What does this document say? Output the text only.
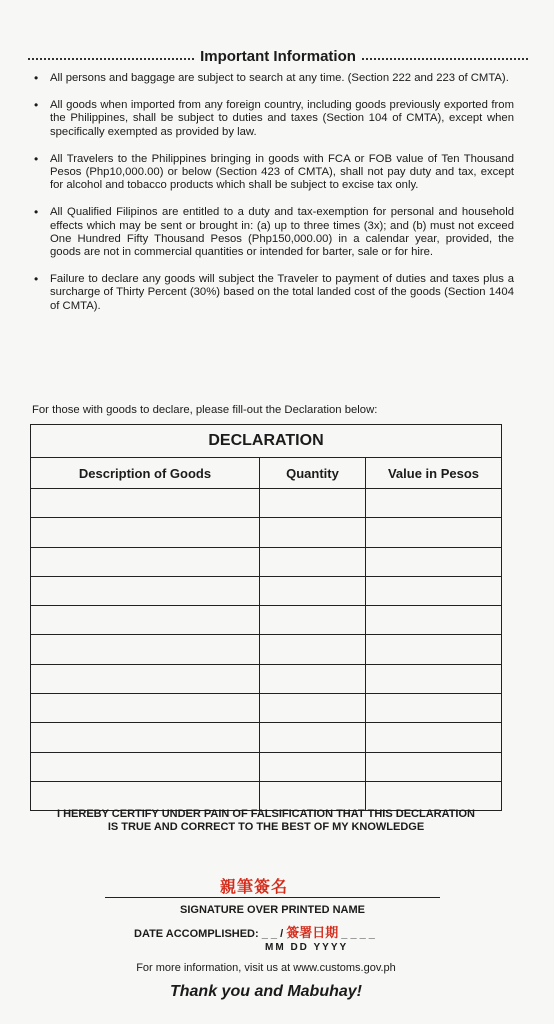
Important Information
• All persons and baggage are subject to search at any time. (Section 222 and 223 of CMTA).
• All goods when imported from any foreign country, including goods previously exported from the Philippines, shall be subject to duties and taxes (Section 104 of CMTA), except when specifically exempted as provided by law.
• All Travelers to the Philippines bringing in goods with FCA or FOB value of Ten Thousand Pesos (Php10,000.00) or below (Section 423 of CMTA), shall not pay duty and tax, except for alcohol and tobacco products which shall be subject to excise tax only.
• All Qualified Filipinos are entitled to a duty and tax-exemption for personal and household effects which may be sent or brought in: (a) up to three times (3x); and (b) must not exceed One Hundred Fifty Thousand Pesos (Php150,000.00) in a calendar year, provided, the goods are not in commercial quantities or intended for barter, sale or for hire.
• Failure to declare any goods will subject the Traveler to payment of duties and taxes plus a surcharge of Thirty Percent (30%) based on the total landed cost of the goods (Section 1404 of CMTA).
For those with goods to declare, please fill-out the Declaration below:
DECLARATION		
Description of Goods	Quantity	Value in Pesos

I HEREBY CERTIFY UNDER PAIN OF FALSIFICATION THAT THIS DECLARATION
IS TRUE AND CORRECT TO THE BEST OF MY KNOWLEDGE
親筆簽名
SIGNATURE OVER PRINTED NAME
DATE ACCOMPLISHED: _ _ / 簽署日期 _ _ _ _
MM DD YYYY
For more information, visit us at www.customs.gov.ph
Thank you and Mabuhay!
